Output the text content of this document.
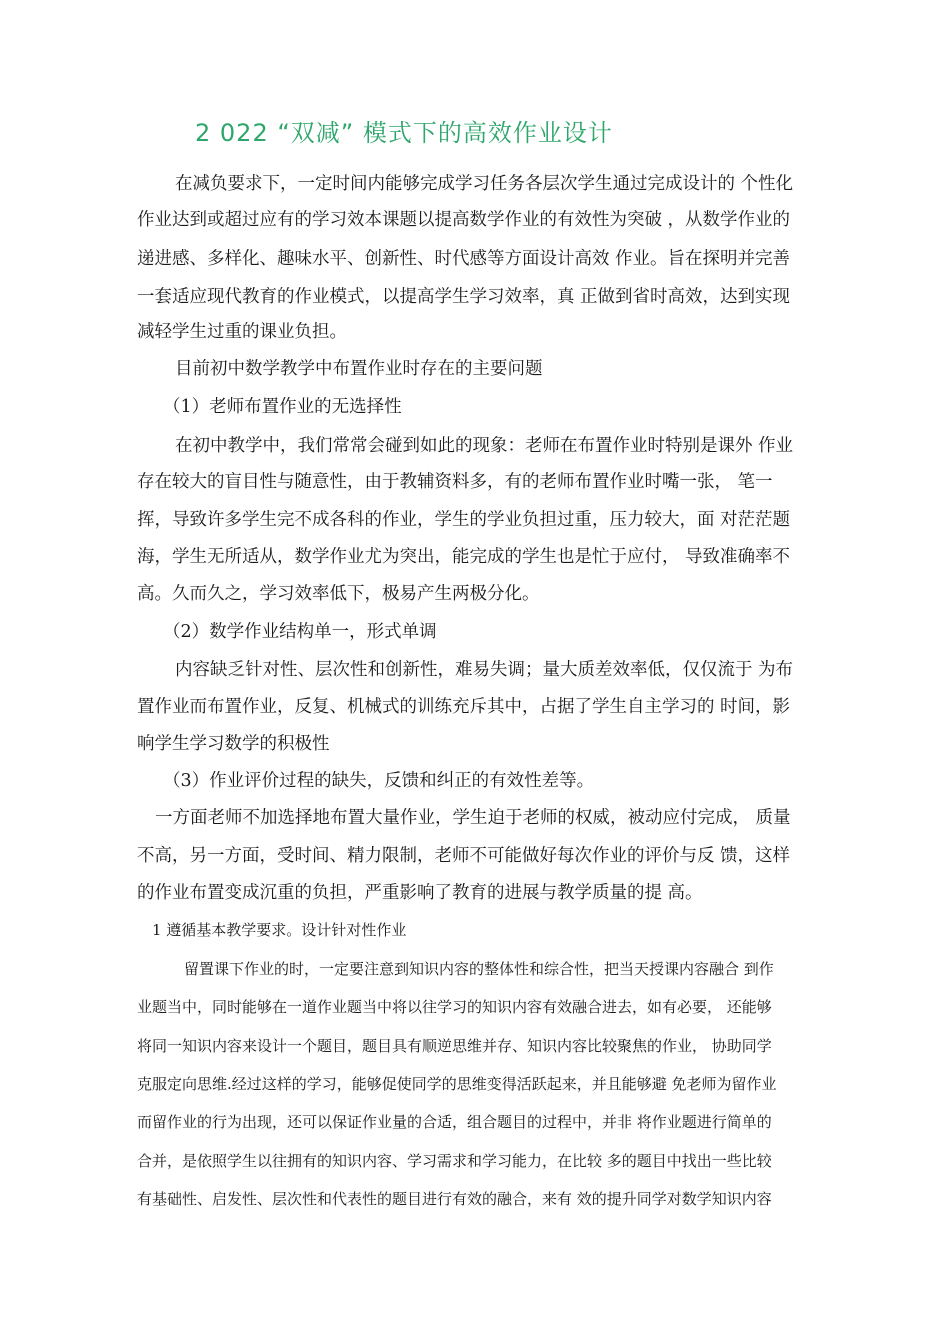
2 022 “双减” 模式下的高效作业设计
在减负要求下，一定时间内能够完成学习任务各层次学生通过完成设计的 个性化
作业达到或超过应有的学习效本课题以提高数学作业的有效性为突破 ，从数学作业的
递进感、多样化、趣味水平、创新性、时代感等方面设计高效 作业。旨在探明并完善
一套适应现代教育的作业模式，以提高学生学习效率，真 正做到省时高效，达到实现
减轻学生过重的课业负担。
目前初中数学教学中布置作业时存在的主要问题
（1）老师布置作业的无选择性
在初中教学中，我们常常会碰到如此的现象：老师在布置作业时特别是课外 作业
存在较大的盲目性与随意性，由于教辅资料多，有的老师布置作业时嘴一张， 笔一
挥，导致许多学生完不成各科的作业，学生的学业负担过重，压力较大，面 对茫茫题
海，学生无所适从，数学作业尤为突出，能完成的学生也是忙于应付， 导致准确率不
高。久而久之，学习效率低下，极易产生两极分化。
（2）数学作业结构单一，形式单调
内容缺乏针对性、层次性和创新性，难易失调；量大质差效率低，仅仅流于 为布
置作业而布置作业，反复、机械式的训练充斥其中，占据了学生自主学习的 时间，影
响学生学习数学的积极性
（3）作业评价过程的缺失，反馈和纠正的有效性差等。
一方面老师不加选择地布置大量作业，学生迫于老师的权威，被动应付完成， 质量
不高，另一方面，受时间、精力限制，老师不可能做好每次作业的评价与反 馈，这样
的作业布置变成沉重的负担，严重影响了教育的进展与教学质量的提 高。
1 遵循基本教学要求。设计针对性作业
留置课下作业的时，一定要注意到知识内容的整体性和综合性，把当天授课内容融合 到作
业题当中，同时能够在一道作业题当中将以往学习的知识内容有效融合进去，如有必要， 还能够
将同一知识内容来设计一个题目，题目具有顺逆思维并存、知识内容比较聚焦的作业， 协助同学
克服定向思维.经过这样的学习，能够促使同学的思维变得活跃起来，并且能够避 免老师为留作业
而留作业的行为出现，还可以保证作业量的合适，组合题目的过程中，并非 将作业题进行简单的
合并，是依照学生以往拥有的知识内容、学习需求和学习能力，在比较 多的题目中找出一些比较
有基础性、启发性、层次性和代表性的题目进行有效的融合，来有 效的提升同学对数学知识内容
